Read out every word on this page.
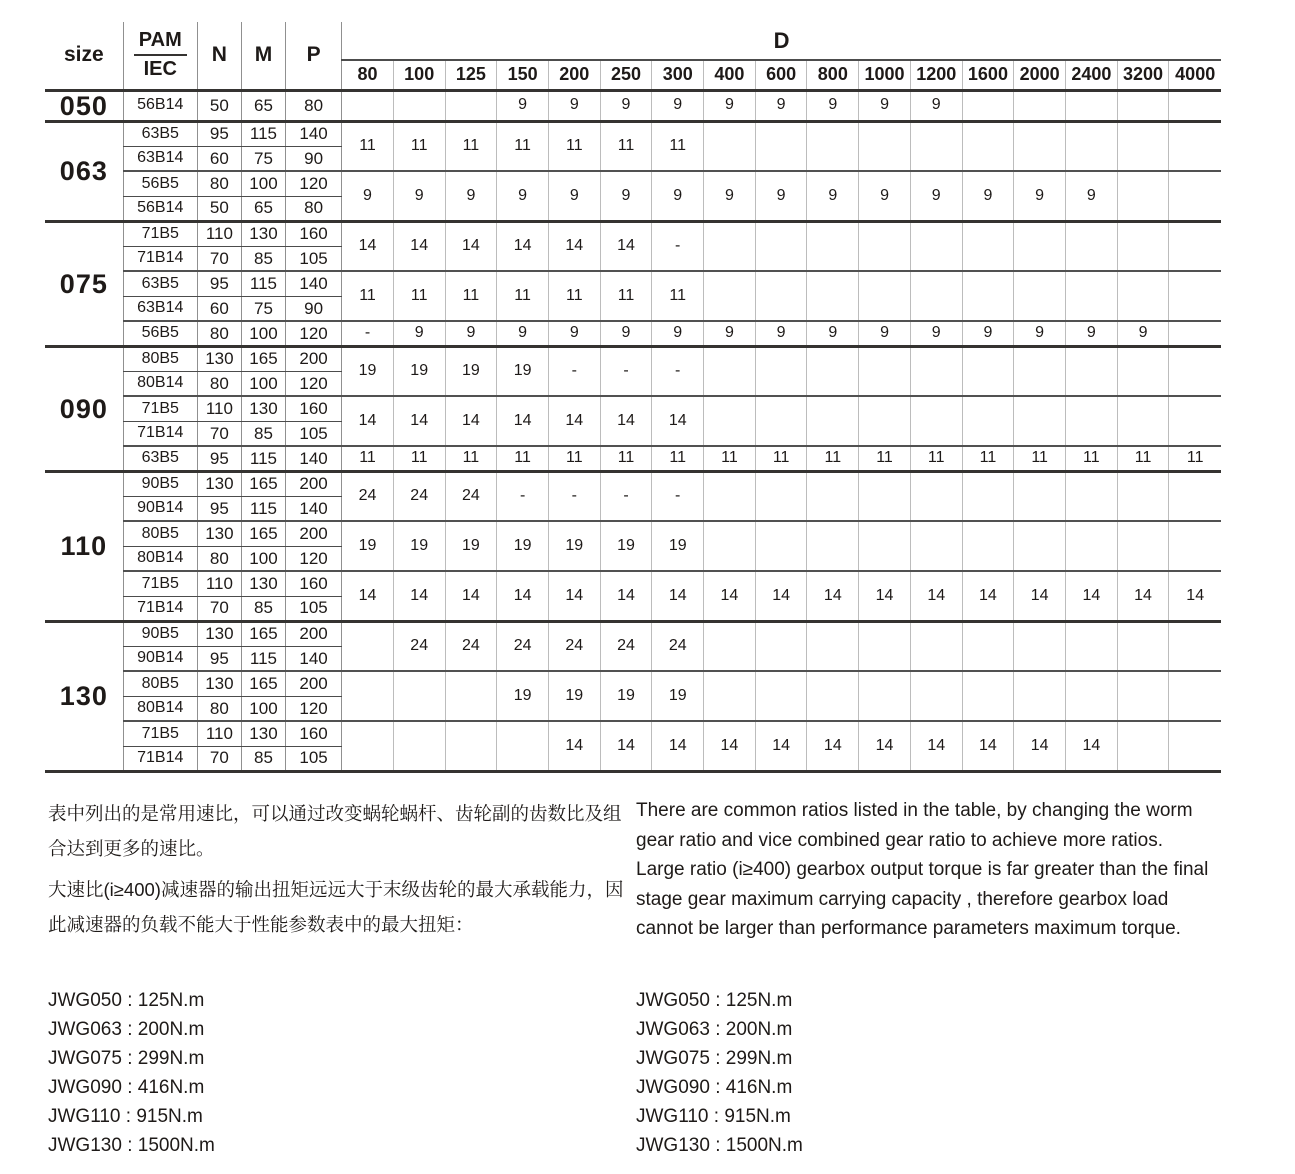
size	PAM
IEC	N	M	P	D																
					80	100	125	150	200	250	300	400	600	800	1000	1200	1600	2000	2400	3200	4000
050	56B14	50	65	80				9	9	9	9	9	9	9	9	9					
063	63B5	95	115	140	11	11	11	11	11	11	11										
	63B14	60	75	90																	
	56B5	80	100	120	9	9	9	9	9	9	9	9	9	9	9	9	9	9	9		
	56B14	50	65	80																	
075	71B5	110	130	160	14	14	14	14	14	14	-										
	71B14	70	85	105																	
	63B5	95	115	140	11	11	11	11	11	11	11										
	63B14	60	75	90																	
	56B5	80	100	120	-	9	9	9	9	9	9	9	9	9	9	9	9	9	9	9	
090	80B5	130	165	200	19	19	19	19	-	-	-										
	80B14	80	100	120																	
	71B5	110	130	160	14	14	14	14	14	14	14										
	71B14	70	85	105																	
	63B5	95	115	140	11	11	11	11	11	11	11	11	11	11	11	11	11	11	11	11	11
110	90B5	130	165	200	24	24	24	-	-	-	-										
	90B14	95	115	140																	
	80B5	130	165	200	19	19	19	19	19	19	19										
	80B14	80	100	120																	
	71B5	110	130	160	14	14	14	14	14	14	14	14	14	14	14	14	14	14	14	14	14
	71B14	70	85	105																	
130	90B5	130	165	200		24	24	24	24	24	24										
	90B14	95	115	140																	
	80B5	130	165	200				19	19	19	19										
	80B14	80	100	120																	
	71B5	110	130	160					14	14	14	14	14	14	14	14	14	14	14		
	71B14	70	85	105																	

表中列出的是常用速比，可以通过改变蜗轮蜗杆、齿轮副的齿数比及组合达到更多的速比。

大速比(i≥400)减速器的输出扭矩远远大于末级齿轮的最大承载能力，因此减速器的负载不能大于性能参数表中的最大扭矩：

There are common ratios listed in the table, by changing the worm gear ratio and vice combined gear ratio to achieve more ratios.

Large ratio (i≥400) gearbox output torque is far greater than the final stage gear maximum carrying capacity , therefore gearbox load cannot be larger than performance parameters maximum torque.

JWG050 : 125N.m
JWG063 : 200N.m
JWG075 : 299N.m
JWG090 : 416N.m
JWG110 : 915N.m
JWG130 : 1500N.m
JWG050 : 125N.m
JWG063 : 200N.m
JWG075 : 299N.m
JWG090 : 416N.m
JWG110 : 915N.m
JWG130 : 1500N.m
